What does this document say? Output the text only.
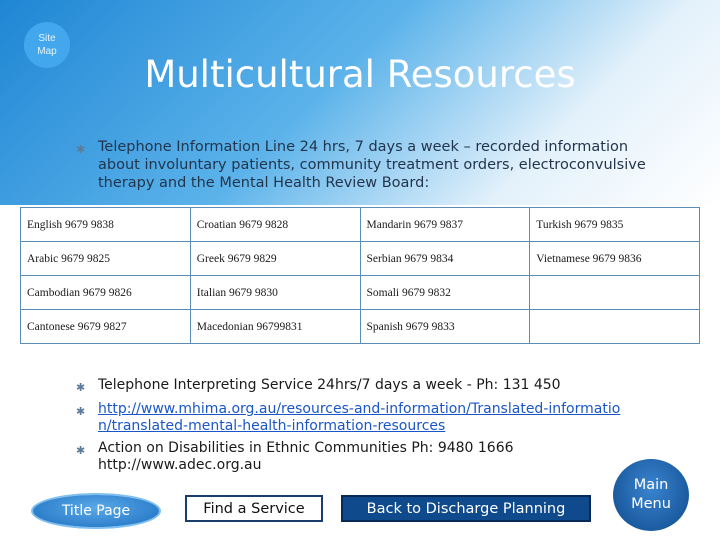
Site Map
Multicultural Resources
✱ Telephone Information Line 24 hrs, 7 days a week – recorded information about involuntary patients, community treatment orders, electroconvulsive therapy and the Mental Health Review Board:
English 9679 9838	Croatian 9679 9828	Mandarin 9679 9837	Turkish 9679 9835
Arabic 9679 9825	Greek 9679 9829	Serbian 9679 9834	Vietnamese 9679 9836
Cambodian 9679 9826	Italian 9679 9830	Somali 9679 9832	
Cantonese 9679 9827	Macedonian 96799831	Spanish 9679 9833	
✱ Telephone Interpreting Service 24hrs/7 days a week - Ph: 131 450
✱ http://www.mhima.org.au/resources-and-information/Translated-information/translated-mental-health-information-resources
✱ Action on Disabilities in Ethnic Communities Ph: 9480 1666 http://www.adec.org.au
Title Page	Find a Service	Back to Discharge Planning
Main
Menu
